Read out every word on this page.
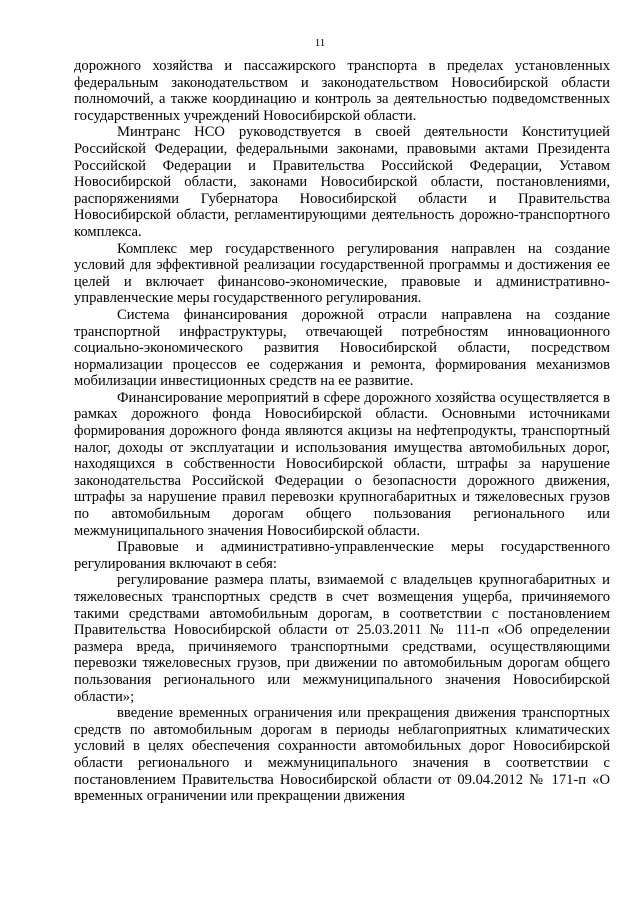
11

дорожного хозяйства и пассажирского транспорта в пределах установленных федеральным законодательством и законодательством Новосибирской области полномочий, а также координацию и контроль за деятельностью подведомственных государственных учреждений Новосибирской области.

Минтранс НСО руководствуется в своей деятельности Конституцией Российской Федерации, федеральными законами, правовыми актами Президента Российской Федерации и Правительства Российской Федерации, Уставом Новосибирской области, законами Новосибирской области, постановлениями, распоряжениями Губернатора Новосибирской области и Правительства Новосибирской области, регламентирующими деятельность дорожно-транспортного комплекса.

Комплекс мер государственного регулирования направлен на создание условий для эффективной реализации государственной программы и достижения ее целей и включает финансово-экономические, правовые и административно-управленческие меры государственного регулирования.

Система финансирования дорожной отрасли направлена на создание транспортной инфраструктуры, отвечающей потребностям инновационного социально-экономического развития Новосибирской области, посредством нормализации процессов ее содержания и ремонта, формирования механизмов мобилизации инвестиционных средств на ее развитие.

Финансирование мероприятий в сфере дорожного хозяйства осуществляется в рамках дорожного фонда Новосибирской области. Основными источниками формирования дорожного фонда являются акцизы на нефтепродукты, транспортный налог, доходы от эксплуатации и использования имущества автомобильных дорог, находящихся в собственности Новосибирской области, штрафы за нарушение законодательства Российской Федерации о безопасности дорожного движения, штрафы за нарушение правил перевозки крупногабаритных и тяжеловесных грузов по автомобильным дорогам общего пользования регионального или межмуниципального значения Новосибирской области.

Правовые и административно-управленческие меры государственного регулирования включают в себя:

регулирование размера платы, взимаемой с владельцев крупногабаритных и тяжеловесных транспортных средств в счет возмещения ущерба, причиняемого такими средствами автомобильным дорогам, в соответствии с постановлением Правительства Новосибирской области от 25.03.2011 № 111-п «Об определении размера вреда, причиняемого транспортными средствами, осуществляющими перевозки тяжеловесных грузов, при движении по автомобильным дорогам общего пользования регионального или межмуниципального значения Новосибирской области»;

введение временных ограничения или прекращения движения транспортных средств по автомобильным дорогам в периоды неблагоприятных климатических условий в целях обеспечения сохранности автомобильных дорог Новосибирской области регионального и межмуниципального значения в соответствии с постановлением Правительства Новосибирской области от 09.04.2012 № 171-п «О временных ограничении или прекращении движения
